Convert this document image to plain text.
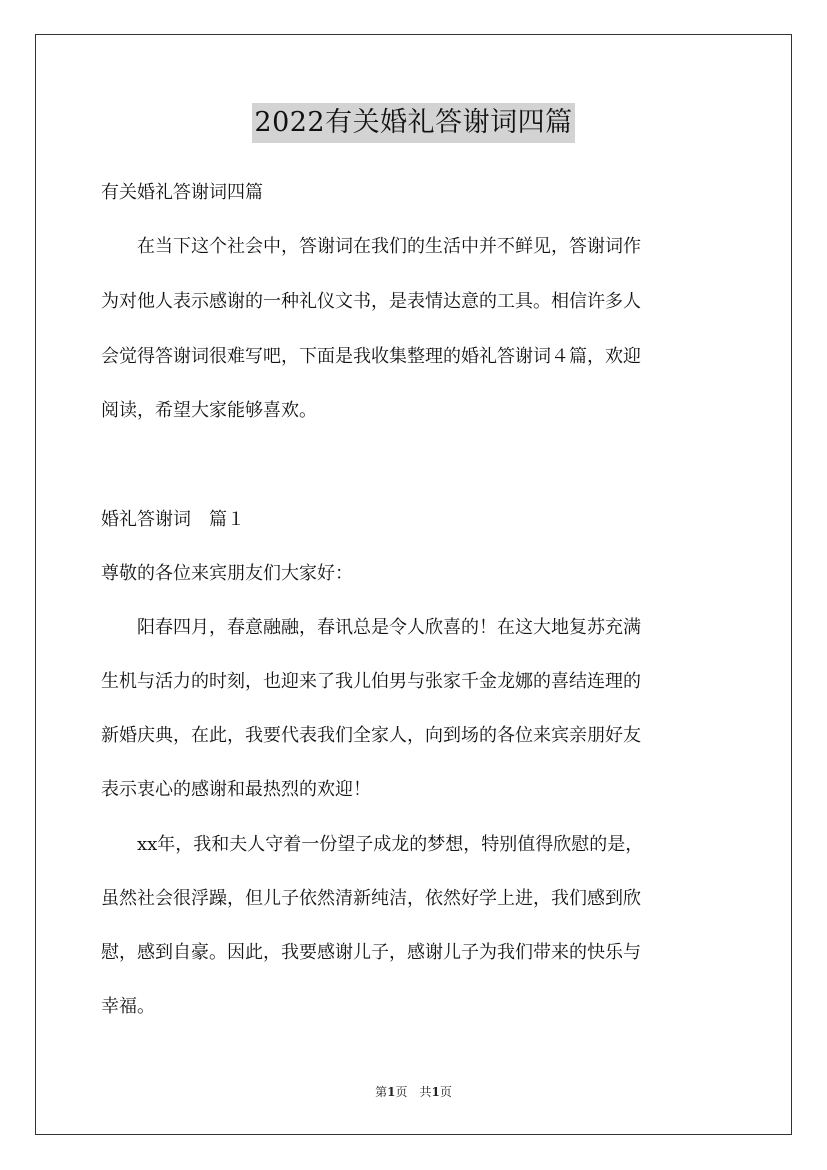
2022有关婚礼答谢词四篇
有关婚礼答谢词四篇
　　在当下这个社会中，答谢词在我们的生活中并不鲜见，答谢词作
为对他人表示感谢的一种礼仪文书，是表情达意的工具。相信许多人
会觉得答谢词很难写吧，下面是我收集整理的婚礼答谢词４篇，欢迎
阅读，希望大家能够喜欢。
婚礼答谢词　篇１
尊敬的各位来宾朋友们大家好：
　　阳春四月，春意融融，春讯总是令人欣喜的！在这大地复苏充满
生机与活力的时刻，也迎来了我儿伯男与张家千金龙娜的喜结连理的
新婚庆典，在此，我要代表我们全家人，向到场的各位来宾亲朋好友
表示衷心的感谢和最热烈的欢迎！
　　xx年，我和夫人守着一份望子成龙的梦想，特别值得欣慰的是，
虽然社会很浮躁，但儿子依然清新纯洁，依然好学上进，我们感到欣
慰，感到自豪。因此，我要感谢儿子，感谢儿子为我们带来的快乐与
幸福。
第1页　共1页
